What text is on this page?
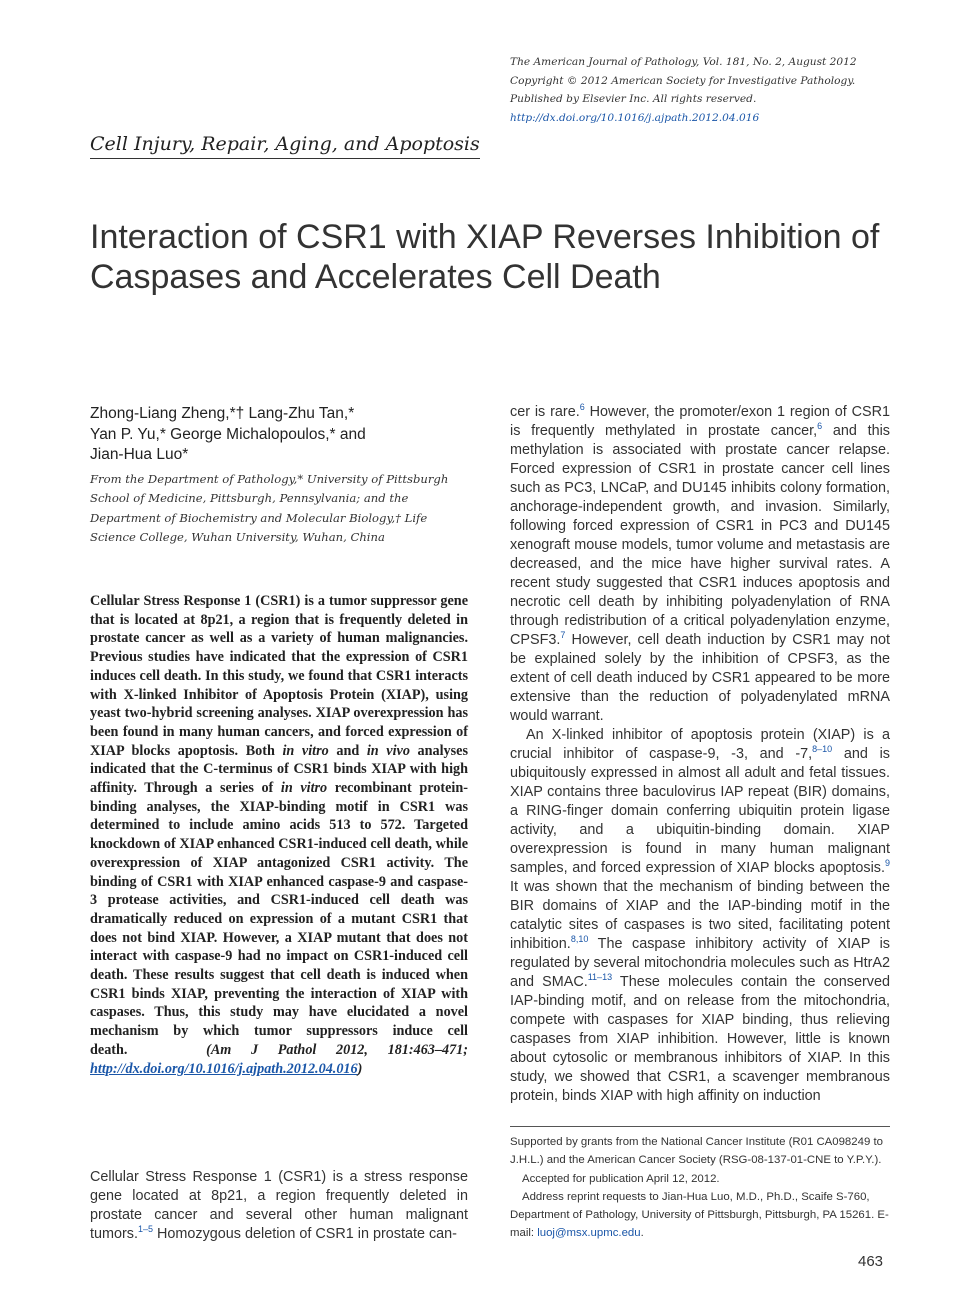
The American Journal of Pathology, Vol. 181, No. 2, August 2012
Copyright © 2012 American Society for Investigative Pathology.
Published by Elsevier Inc. All rights reserved.
http://dx.doi.org/10.1016/j.ajpath.2012.04.016
Cell Injury, Repair, Aging, and Apoptosis
Interaction of CSR1 with XIAP Reverses Inhibition of Caspases and Accelerates Cell Death
Zhong-Liang Zheng,*† Lang-Zhu Tan,*
Yan P. Yu,* George Michalopoulos,* and
Jian-Hua Luo*
From the Department of Pathology,* University of Pittsburgh
School of Medicine, Pittsburgh, Pennsylvania; and the
Department of Biochemistry and Molecular Biology,† Life
Science College, Wuhan University, Wuhan, China
Cellular Stress Response 1 (CSR1) is a tumor suppressor gene that is located at 8p21, a region that is frequently deleted in prostate cancer as well as a variety of human malignancies. Previous studies have indicated that the expression of CSR1 induces cell death. In this study, we found that CSR1 interacts with X-linked Inhibitor of Apoptosis Protein (XIAP), using yeast two-hybrid screening analyses. XIAP overexpression has been found in many human cancers, and forced expression of XIAP blocks apoptosis. Both in vitro and in vivo analyses indicated that the C-terminus of CSR1 binds XIAP with high affinity. Through a series of in vitro recombinant protein-binding analyses, the XIAP-binding motif in CSR1 was determined to include amino acids 513 to 572. Targeted knockdown of XIAP enhanced CSR1-induced cell death, while overexpression of XIAP antagonized CSR1 activity. The binding of CSR1 with XIAP enhanced caspase-9 and caspase-3 protease activities, and CSR1-induced cell death was dramatically reduced on expression of a mutant CSR1 that does not bind XIAP. However, a XIAP mutant that does not interact with caspase-9 had no impact on CSR1-induced cell death. These results suggest that cell death is induced when CSR1 binds XIAP, preventing the interaction of XIAP with caspases. Thus, this study may have elucidated a novel mechanism by which tumor suppressors induce cell death.	(Am J Pathol 2012, 181:463–471; http://dx.doi.org/10.1016/j.ajpath.2012.04.016)
Cellular Stress Response 1 (CSR1) is a stress response gene located at 8p21, a region frequently deleted in prostate cancer and several other human malignant tumors.$^{1-5}$ Homozygous deletion of CSR1 in prostate can-

cer is rare.$^6$ However, the promoter/exon 1 region of CSR1 is frequently methylated in prostate cancer,$^6$ and this methylation is associated with prostate cancer relapse. Forced expression of CSR1 in prostate cancer cell lines such as PC3, LNCaP, and DU145 inhibits colony formation, anchorage-independent growth, and invasion. Similarly, following forced expression of CSR1 in PC3 and DU145 xenograft mouse models, tumor volume and metastasis are decreased, and the mice have higher survival rates. A recent study suggested that CSR1 induces apoptosis and necrotic cell death by inhibiting polyadenylation of RNA through redistribution of a critical polyadenylation enzyme, CPSF3.$^7$ However, cell death induction by CSR1 may not be explained solely by the inhibition of CPSF3, as the extent of cell death induced by CSR1 appeared to be more extensive than the reduction of polyadenylated mRNA would warrant.

An X-linked inhibitor of apoptosis protein (XIAP) is a crucial inhibitor of caspase-9, -3, and -7,$^{8-10}$ and is ubiquitously expressed in almost all adult and fetal tissues. XIAP contains three baculovirus IAP repeat (BIR) domains, a RING-finger domain conferring ubiquitin protein ligase activity, and a ubiquitin-binding domain. XIAP overexpression is found in many human malignant samples, and forced expression of XIAP blocks apoptosis.$^9$ It was shown that the mechanism of binding between the BIR domains of XIAP and the IAP-binding motif in the catalytic sites of caspases is two sited, facilitating potent inhibition.$^{8,10}$ The caspase inhibitory activity of XIAP is regulated by several mitochondria molecules such as HtrA2 and SMAC.$^{11-13}$ These molecules contain the conserved IAP-binding motif, and on release from the mitochondria, compete with caspases for XIAP binding, thus relieving caspases from XIAP inhibition. However, little is known about cytosolic or membranous inhibitors of XIAP. In this study, we showed that CSR1, a scavenger membranous protein, binds XIAP with high affinity on induction

Supported by grants from the National Cancer Institute (R01 CA098249 to J.H.L.) and the American Cancer Society (RSG-08-137-01-CNE to Y.P.Y.).

Accepted for publication April 12, 2012.

Address reprint requests to Jian-Hua Luo, M.D., Ph.D., Scaife S-760, Department of Pathology, University of Pittsburgh, Pittsburgh, PA 15261. E-mail: luoj@msx.upmc.edu.

463
